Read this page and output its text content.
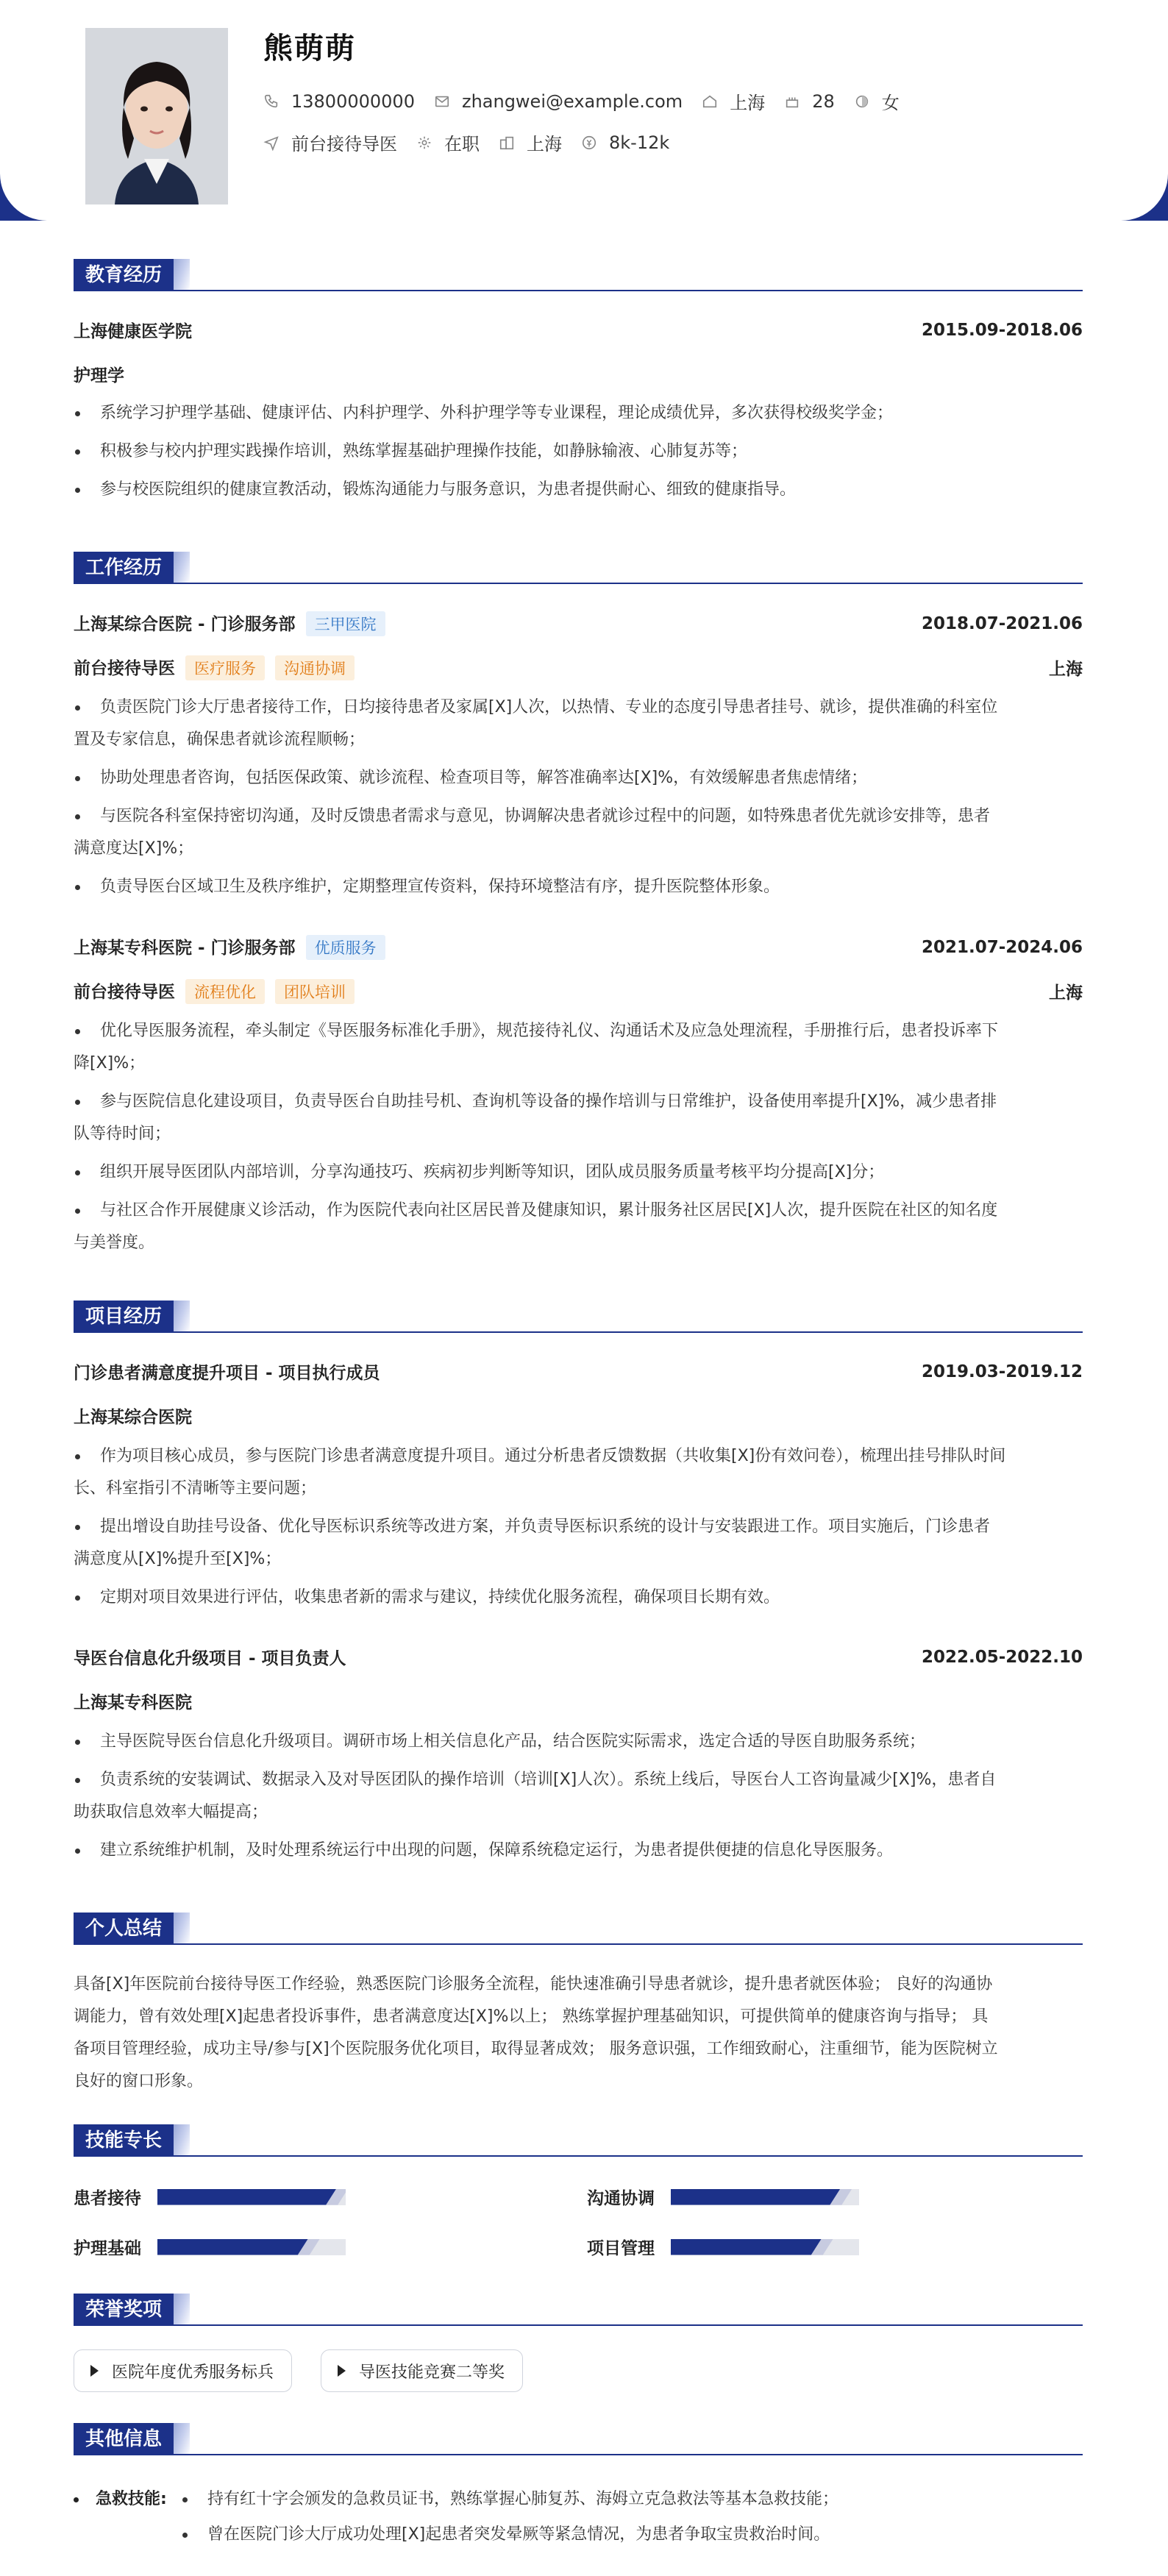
熊萌萌
13800000000	zhangwei@example.com	上海	28	女
前台接待导医	在职	上海	8k-12k
教育经历
上海健康医学院	2015.09-2018.06
护理学
系统学习护理学基础、健康评估、内科护理学、外科护理学等专业课程，理论成绩优异，多次获得校级奖学金；
积极参与校内护理实践操作培训，熟练掌握基础护理操作技能，如静脉输液、心肺复苏等；
参与校医院组织的健康宣教活动，锻炼沟通能力与服务意识，为患者提供耐心、细致的健康指导。
工作经历
上海某综合医院 - 门诊服务部 三甲医院	2018.07-2021.06
前台接待导医 医疗服务 沟通协调	上海
负责医院门诊大厅患者接待工作，日均接待患者及家属[X]人次，以热情、专业的态度引导患者挂号、就诊，提供准确的科室位
置及专家信息，确保患者就诊流程顺畅；
协助处理患者咨询，包括医保政策、就诊流程、检查项目等，解答准确率达[X]%，有效缓解患者焦虑情绪；
与医院各科室保持密切沟通，及时反馈患者需求与意见，协调解决患者就诊过程中的问题，如特殊患者优先就诊安排等，患者
满意度达[X]%；
负责导医台区域卫生及秩序维护，定期整理宣传资料，保持环境整洁有序，提升医院整体形象。
上海某专科医院 - 门诊服务部 优质服务	2021.07-2024.06
前台接待导医 流程优化 团队培训	上海
优化导医服务流程，牵头制定《导医服务标准化手册》，规范接待礼仪、沟通话术及应急处理流程，手册推行后，患者投诉率下
降[X]%；
参与医院信息化建设项目，负责导医台自助挂号机、查询机等设备的操作培训与日常维护，设备使用率提升[X]%，减少患者排
队等待时间；
组织开展导医团队内部培训，分享沟通技巧、疾病初步判断等知识，团队成员服务质量考核平均分提高[X]分；
与社区合作开展健康义诊活动，作为医院代表向社区居民普及健康知识，累计服务社区居民[X]人次，提升医院在社区的知名度
与美誉度。
项目经历
门诊患者满意度提升项目 - 项目执行成员	2019.03-2019.12
上海某综合医院
作为项目核心成员，参与医院门诊患者满意度提升项目。通过分析患者反馈数据（共收集[X]份有效问卷），梳理出挂号排队时间
长、科室指引不清晰等主要问题；
提出增设自助挂号设备、优化导医标识系统等改进方案，并负责导医标识系统的设计与安装跟进工作。项目实施后，门诊患者
满意度从[X]%提升至[X]%；
定期对项目效果进行评估，收集患者新的需求与建议，持续优化服务流程，确保项目长期有效。
导医台信息化升级项目 - 项目负责人	2022.05-2022.10
上海某专科医院
主导医院导医台信息化升级项目。调研市场上相关信息化产品，结合医院实际需求，选定合适的导医自助服务系统；
负责系统的安装调试、数据录入及对导医团队的操作培训（培训[X]人次）。系统上线后，导医台人工咨询量减少[X]%，患者自
助获取信息效率大幅提高；
建立系统维护机制，及时处理系统运行中出现的问题，保障系统稳定运行，为患者提供便捷的信息化导医服务。
个人总结
具备[X]年医院前台接待导医工作经验，熟悉医院门诊服务全流程，能快速准确引导患者就诊，提升患者就医体验； 良好的沟通协
调能力，曾有效处理[X]起患者投诉事件，患者满意度达[X]%以上； 熟练掌握护理基础知识，可提供简单的健康咨询与指导； 具
备项目管理经验，成功主导/参与[X]个医院服务优化项目，取得显著成效； 服务意识强，工作细致耐心，注重细节，能为医院树立
良好的窗口形象。
技能专长
患者接待	沟通协调
护理基础	项目管理
荣誉奖项
医院年度优秀服务标兵	导医技能竞赛二等奖
其他信息
急救技能:	持有红十字会颁发的急救员证书，熟练掌握心肺复苏、海姆立克急救法等基本急救技能；
曾在医院门诊大厅成功处理[X]起患者突发晕厥等紧急情况，为患者争取宝贵救治时间。
